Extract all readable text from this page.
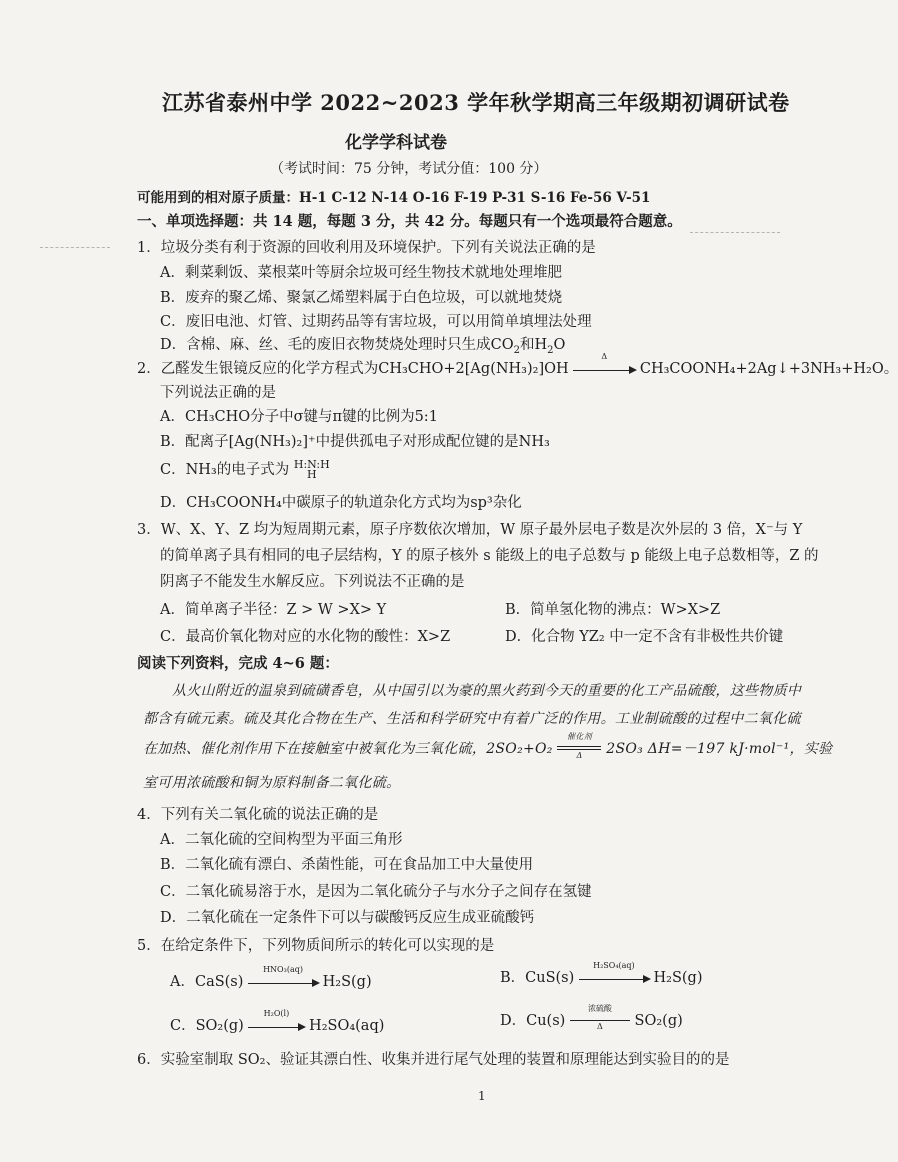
江苏省泰州中学 2022~2023 学年秋学期高三年级期初调研试卷
化学学科试卷
（考试时间：75 分钟，考试分值：100 分）
可能用到的相对原子质量：H-1 C-12 N-14 O-16 F-19 P-31 S-16 Fe-56 V-51
一、单项选择题：共 14 题，每题 3 分，共 42 分。每题只有一个选项最符合题意。
1．垃圾分类有利于资源的回收利用及环境保护。下列有关说法正确的是
A．剩菜剩饭、菜根菜叶等厨余垃圾可经生物技术就地处理堆肥
B．废弃的聚乙烯、聚氯乙烯塑料属于白色垃圾，可以就地焚烧
C．废旧电池、灯管、过期药品等有害垃圾，可以用简单填埋法处理
D．含棉、麻、丝、毛的废旧衣物焚烧处理时只生成$CO_2$和$H_2O$
2．乙醛发生银镜反应的化学方程式为CH₃CHO+2[Ag(NH₃)₂]OH
Δ
CH₃COONH₄+2Ag↓+3NH₃+H₂O。
下列说法正确的是
A．CH₃CHO分子中σ键与π键的比例为5:1
B．配离子[Ag(NH₃)₂]⁺中提供孤电子对形成配位键的是NH₃
C．NH₃的电子式为 H:N:H
H
D．CH₃COONH₄中碳原子的轨道杂化方式均为sp³杂化
3．W、X、Y、Z 均为短周期元素，原子序数依次增加，W 原子最外层电子数是次外层的 3 倍，X⁻与 Y
的简单离子具有相同的电子层结构，Y 的原子核外 s 能级上的电子总数与 p 能级上电子总数相等，Z 的
阴离子不能发生水解反应。下列说法不正确的是
A．简单离子半径：Z > W >X> Y	B．简单氢化物的沸点：W>X>Z
C．最高价氧化物对应的水化物的酸性：X>Z	D．化合物 YZ₂ 中一定不含有非极性共价键
阅读下列资料，完成 4~6 题：
从火山附近的温泉到硫磺香皂，从中国引以为豪的黑火药到今天的重要的化工产品硫酸，这些物质中
都含有硫元素。硫及其化合物在生产、生活和科学研究中有着广泛的作用。工业制硫酸的过程中二氧化硫
在加热、催化剂作用下在接触室中被氧化为三氧化硫，2SO₂+O₂
催化剂
Δ	2SO₃ ΔH=－197 kJ·mol⁻¹，实验
室可用浓硫酸和铜为原料制备二氧化硫。
4．下列有关二氧化硫的说法正确的是
A．二氧化硫的空间构型为平面三角形
B．二氧化硫有漂白、杀菌性能，可在食品加工中大量使用
C．二氧化硫易溶于水，是因为二氧化硫分子与水分子之间存在氢键
D．二氧化硫在一定条件下可以与碳酸钙反应生成亚硫酸钙
5．在给定条件下，下列物质间所示的转化可以实现的是
A．CaS(s)
HNO₃(aq)
H₂S(g)	B．CuS(s)
H₂SO₄(aq)
H₂S(g)
C．SO₂(g)
H₂O(l)
H₂SO₄(aq)	D．Cu(s)
浓硫酸
Δ	SO₂(g)
6．实验室制取 SO₂、验证其漂白性、收集并进行尾气处理的装置和原理能达到实验目的的是
1
